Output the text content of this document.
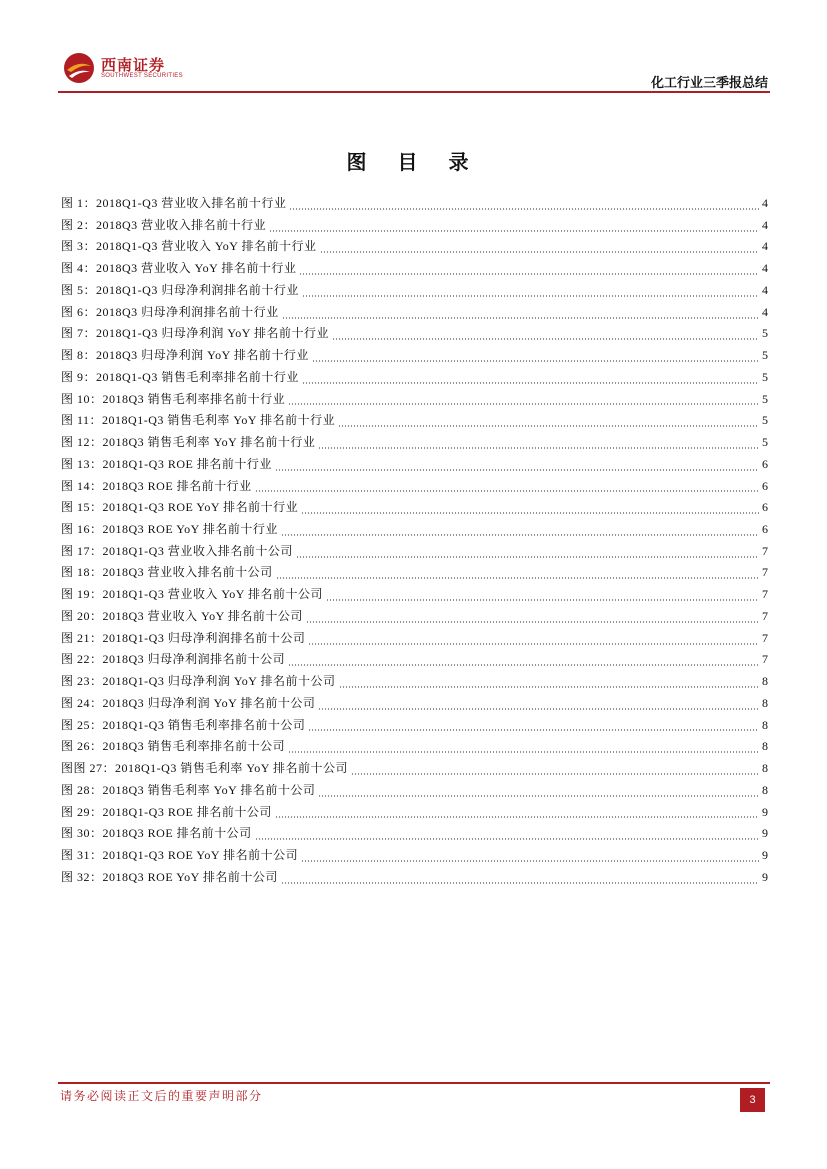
西南证券
SOUTHWEST SECURITIES	化工行业三季报总结
图 目 录
图 1：2018Q1-Q3 营业收入排名前十行业	4
图 2：2018Q3 营业收入排名前十行业	4
图 3：2018Q1-Q3 营业收入 YoY 排名前十行业	4
图 4：2018Q3 营业收入 YoY 排名前十行业	4
图 5：2018Q1-Q3 归母净利润排名前十行业	4
图 6：2018Q3 归母净利润排名前十行业	4
图 7：2018Q1-Q3 归母净利润 YoY 排名前十行业	5
图 8：2018Q3 归母净利润 YoY 排名前十行业	5
图 9：2018Q1-Q3 销售毛利率排名前十行业	5
图 10：2018Q3 销售毛利率排名前十行业	5
图 11：2018Q1-Q3 销售毛利率 YoY 排名前十行业	5
图 12：2018Q3 销售毛利率 YoY 排名前十行业	5
图 13：2018Q1-Q3 ROE 排名前十行业	6
图 14：2018Q3 ROE 排名前十行业	6
图 15：2018Q1-Q3 ROE YoY 排名前十行业	6
图 16：2018Q3 ROE YoY 排名前十行业	6
图 17：2018Q1-Q3 营业收入排名前十公司	7
图 18：2018Q3 营业收入排名前十公司	7
图 19：2018Q1-Q3 营业收入 YoY 排名前十公司	7
图 20：2018Q3 营业收入 YoY 排名前十公司	7
图 21：2018Q1-Q3 归母净利润排名前十公司	7
图 22：2018Q3 归母净利润排名前十公司	7
图 23：2018Q1-Q3 归母净利润 YoY 排名前十公司	8
图 24：2018Q3 归母净利润 YoY 排名前十公司	8
图 25：2018Q1-Q3 销售毛利率排名前十公司	8
图 26：2018Q3 销售毛利率排名前十公司	8
图图 27：2018Q1-Q3 销售毛利率 YoY 排名前十公司	8
图 28：2018Q3 销售毛利率 YoY 排名前十公司	8
图 29：2018Q1-Q3 ROE 排名前十公司	9
图 30：2018Q3 ROE 排名前十公司	9
图 31：2018Q1-Q3 ROE YoY 排名前十公司	9
图 32：2018Q3 ROE YoY 排名前十公司	9
请务必阅读正文后的重要声明部分	3
